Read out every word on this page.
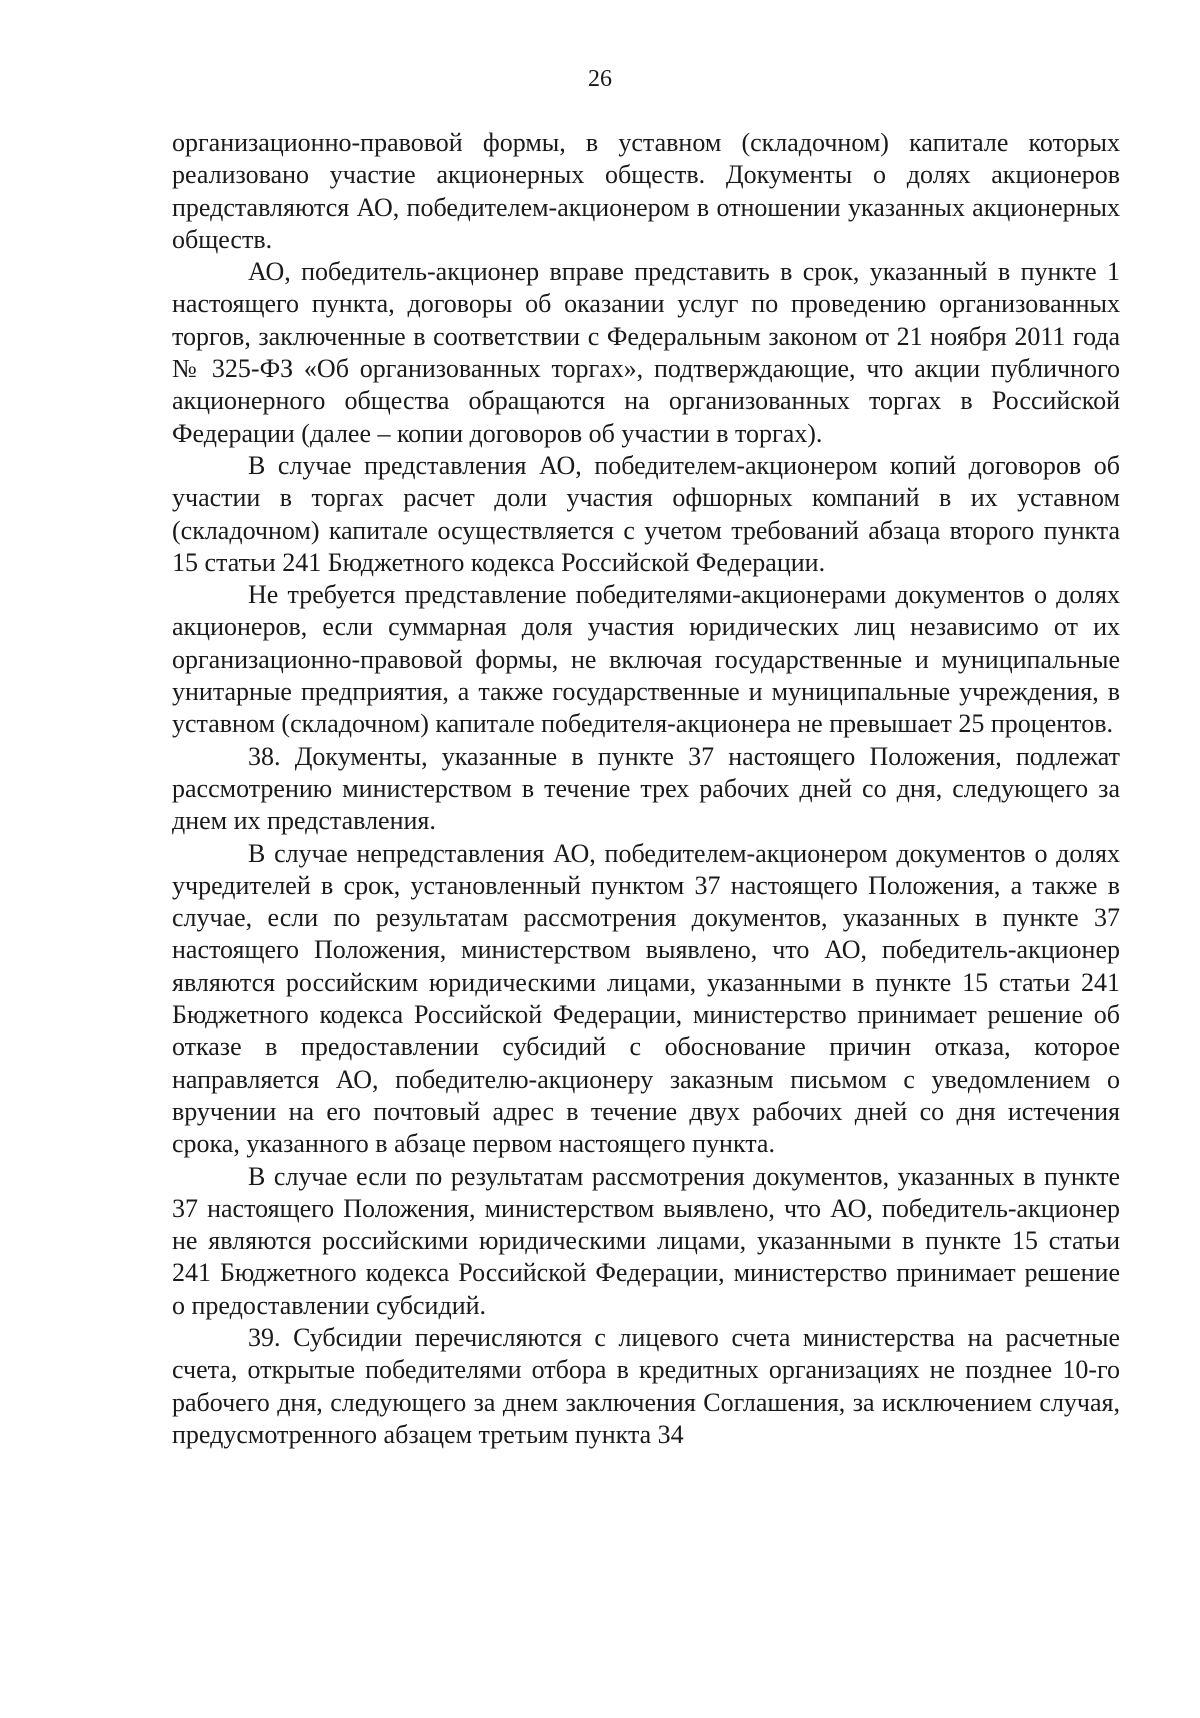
26

организационно-правовой формы, в уставном (складочном) капитале которых реализовано участие акционерных обществ. Документы о долях акционеров представляются АО, победителем-акционером в отношении указанных акционерных обществ.

АО, победитель-акционер вправе представить в срок, указанный в пункте 1 настоящего пункта, договоры об оказании услуг по проведению организованных торгов, заключенные в соответствии с Федеральным законом от 21 ноября 2011 года № 325-ФЗ «Об организованных торгах», подтверждающие, что акции публичного акционерного общества обращаются на организованных торгах в Российской Федерации (далее – копии договоров об участии в торгах).

В случае представления АО, победителем-акционером копий договоров об участии в торгах расчет доли участия офшорных компаний в их уставном (складочном) капитале осуществляется с учетом требований абзаца второго пункта 15 статьи 241 Бюджетного кодекса Российской Федерации.

Не требуется представление победителями-акционерами документов о долях акционеров, если суммарная доля участия юридических лиц независимо от их организационно-правовой формы, не включая государственные и муниципальные унитарные предприятия, а также государственные и муниципальные учреждения, в уставном (складочном) капитале победителя-акционера не превышает 25 процентов.

38. Документы, указанные в пункте 37 настоящего Положения, подлежат рассмотрению министерством в течение трех рабочих дней со дня, следующего за днем их представления.

В случае непредставления АО, победителем-акционером документов о долях учредителей в срок, установленный пунктом 37 настоящего Положения, а также в случае, если по результатам рассмотрения документов, указанных в пункте 37 настоящего Положения, министерством выявлено, что АО, победитель-акционер являются российским юридическими лицами, указанными в пункте 15 статьи 241 Бюджетного кодекса Российской Федерации, министерство принимает решение об отказе в предоставлении субсидий с обоснование причин отказа, которое направляется АО, победителю-акционеру заказным письмом с уведомлением о вручении на его почтовый адрес в течение двух рабочих дней со дня истечения срока, указанного в абзаце первом настоящего пункта.

В случае если по результатам рассмотрения документов, указанных в пункте 37 настоящего Положения, министерством выявлено, что АО, победитель-акционер не являются российскими юридическими лицами, указанными в пункте 15 статьи 241 Бюджетного кодекса Российской Федерации, министерство принимает решение о предоставлении субсидий.

39. Субсидии перечисляются с лицевого счета министерства на расчетные счета, открытые победителями отбора в кредитных организациях не позднее 10-го рабочего дня, следующего за днем заключения Соглашения, за исключением случая, предусмотренного абзацем третьим пункта 34
